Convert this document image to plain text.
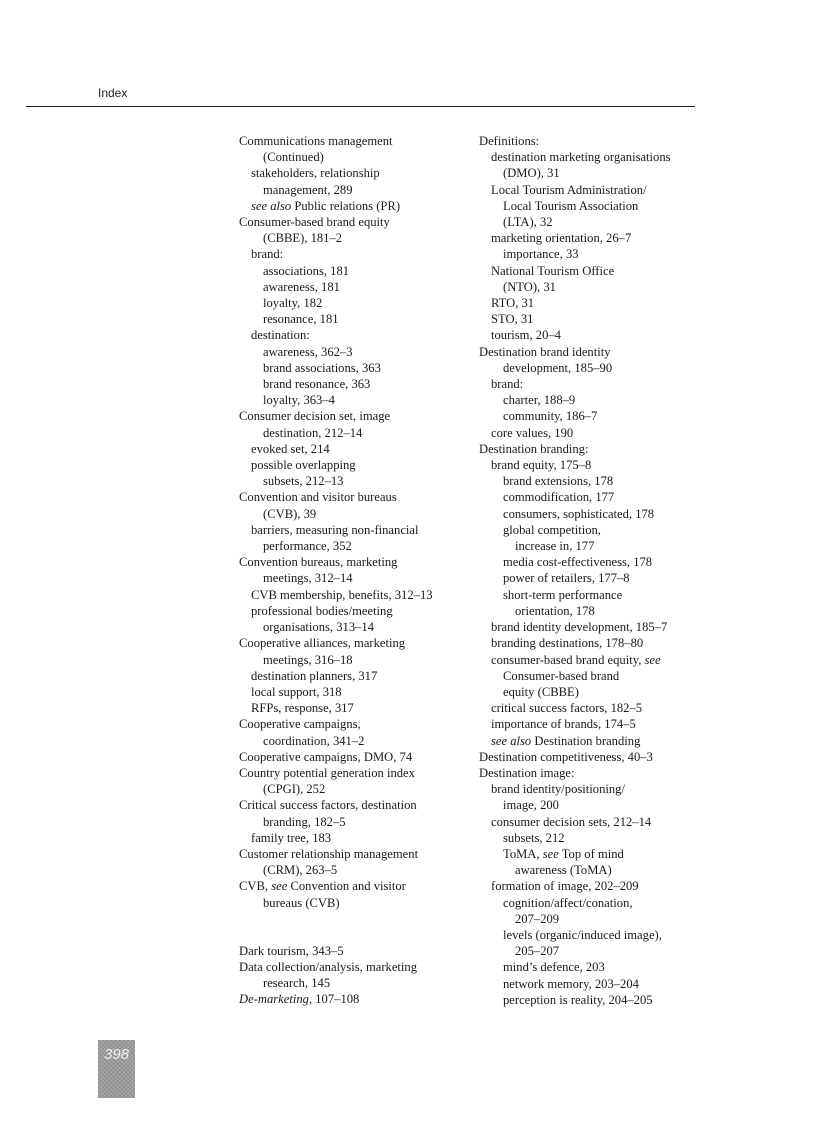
Index
Communications management
(Continued)
stakeholders, relationship
management, 289
see also Public relations (PR)
Consumer-based brand equity
(CBBE), 181–2
brand:
associations, 181
awareness, 181
loyalty, 182
resonance, 181
destination:
awareness, 362–3
brand associations, 363
brand resonance, 363
loyalty, 363–4
Consumer decision set, image
destination, 212–14
evoked set, 214
possible overlapping
subsets, 212–13
Convention and visitor bureaus
(CVB), 39
barriers, measuring non-financial
performance, 352
Convention bureaus, marketing
meetings, 312–14
CVB membership, benefits, 312–13
professional bodies/meeting
organisations, 313–14
Cooperative alliances, marketing
meetings, 316–18
destination planners, 317
local support, 318
RFPs, response, 317
Cooperative campaigns,
coordination, 341–2
Cooperative campaigns, DMO, 74
Country potential generation index
(CPGI), 252
Critical success factors, destination
branding, 182–5
family tree, 183
Customer relationship management
(CRM), 263–5
CVB, see Convention and visitor
bureaus (CVB)
Dark tourism, 343–5
Data collection/analysis, marketing
research, 145
De-marketing, 107–108
Definitions:
destination marketing organisations
(DMO), 31
Local Tourism Administration/
Local Tourism Association
(LTA), 32
marketing orientation, 26–7
importance, 33
National Tourism Office
(NTO), 31
RTO, 31
STO, 31
tourism, 20–4
Destination brand identity
development, 185–90
brand:
charter, 188–9
community, 186–7
core values, 190
Destination branding:
brand equity, 175–8
brand extensions, 178
commodification, 177
consumers, sophisticated, 178
global competition,
increase in, 177
media cost-effectiveness, 178
power of retailers, 177–8
short-term performance
orientation, 178
brand identity development, 185–7
branding destinations, 178–80
consumer-based brand equity, see
Consumer-based brand
equity (CBBE)
critical success factors, 182–5
importance of brands, 174–5
see also Destination branding
Destination competitiveness, 40–3
Destination image:
brand identity/positioning/
image, 200
consumer decision sets, 212–14
subsets, 212
ToMA, see Top of mind
awareness (ToMA)
formation of image, 202–209
cognition/affect/conation,
207–209
levels (organic/induced image),
205–207
mind’s defence, 203
network memory, 203–204
perception is reality, 204–205
398
